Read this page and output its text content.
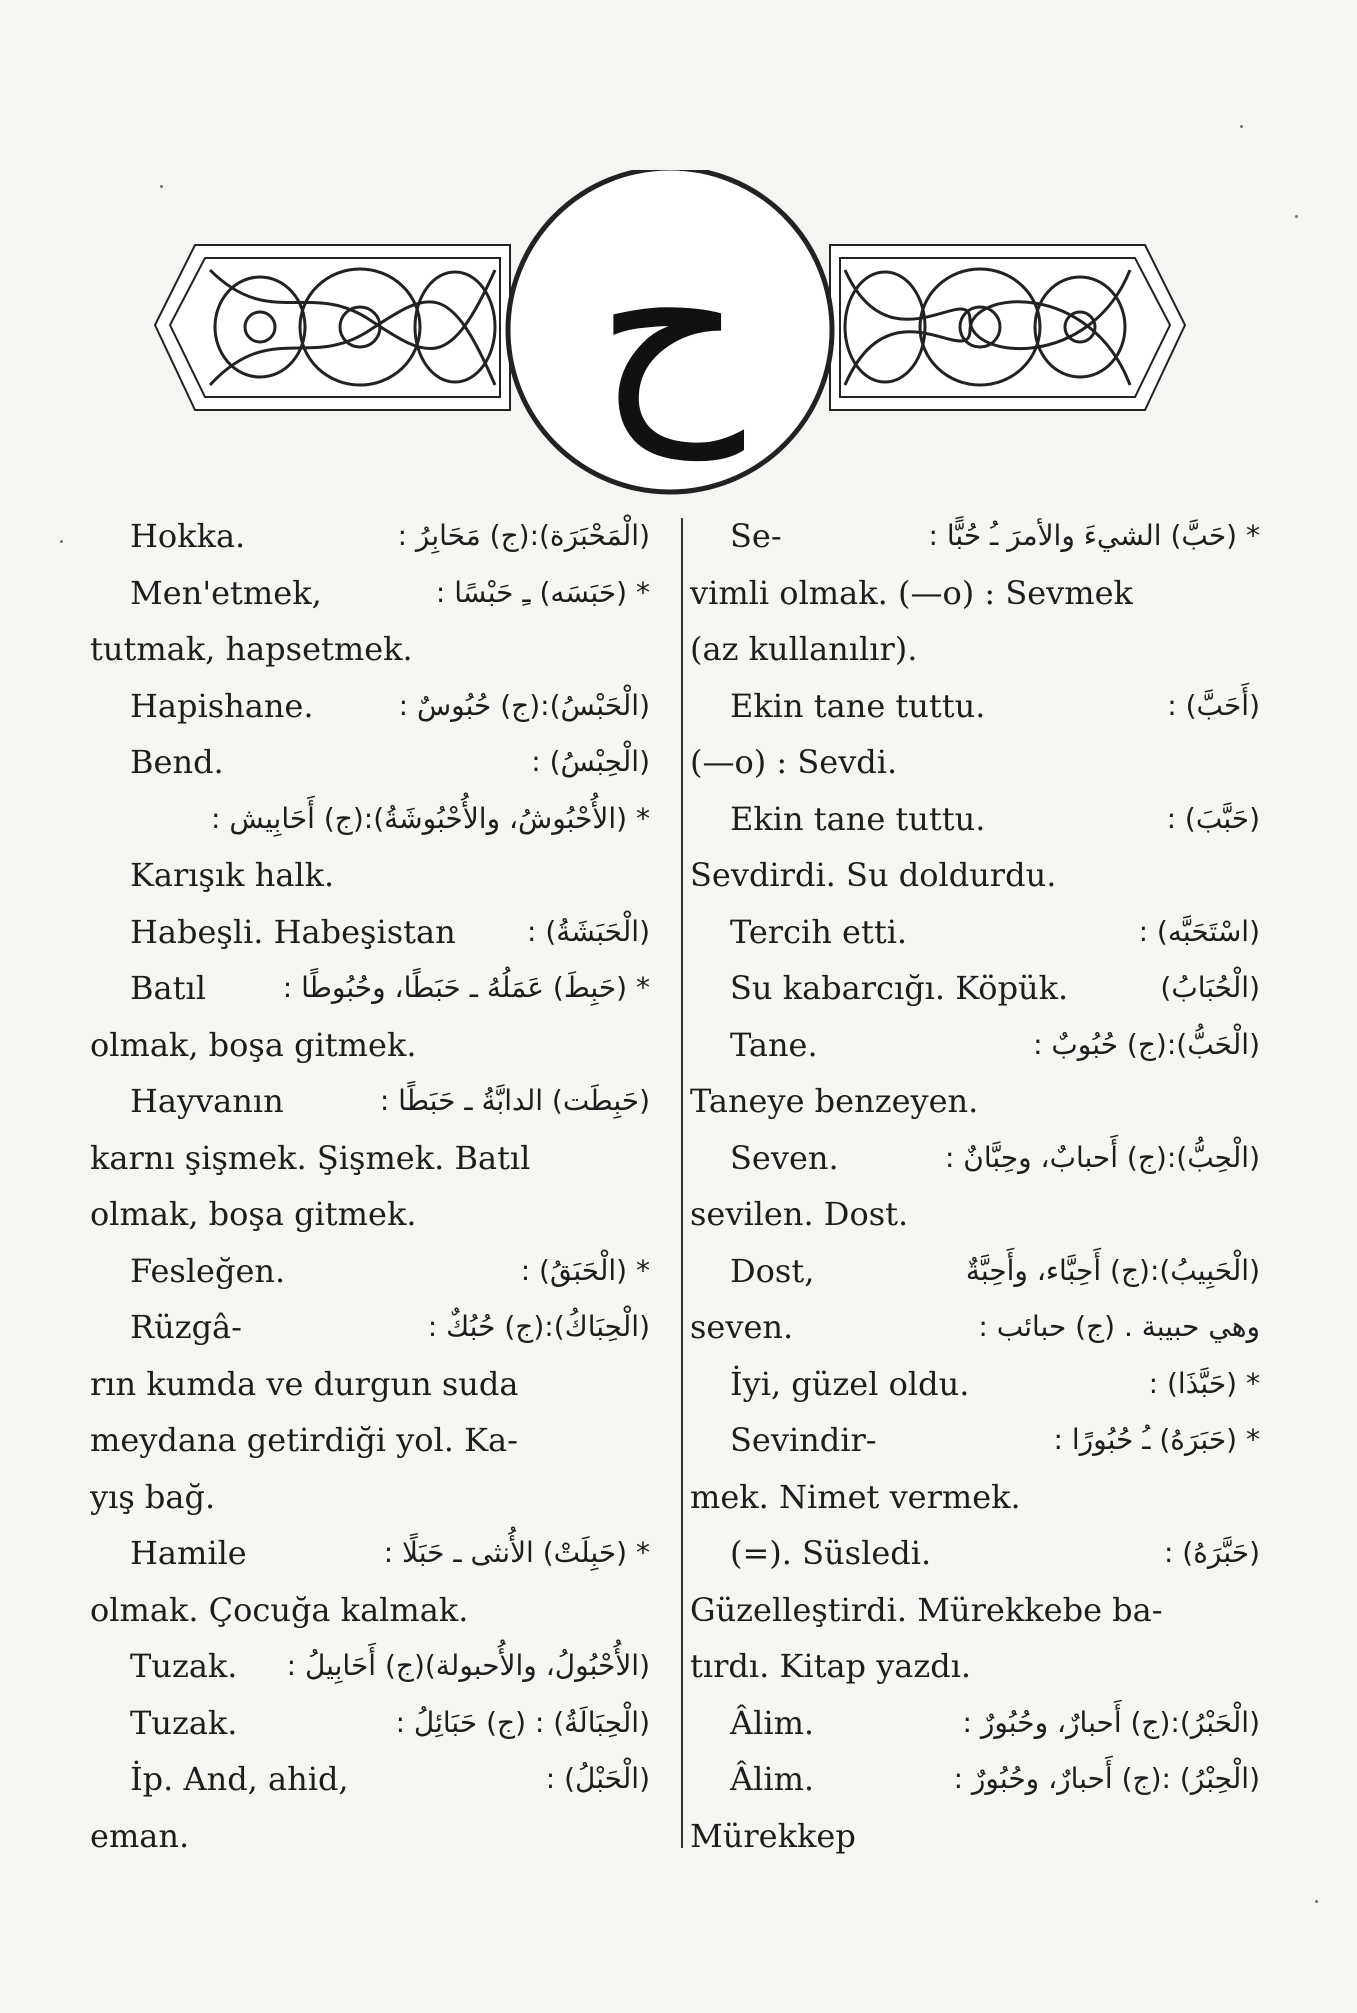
ح
Hokka.	(الْمَحْبَرَة):(ج) مَحَابِرُ :
Men'etmek,	* (حَبَسَه) ـِ حَبْسًا :
tutmak, hapsetmek.
Hapishane.	(الْحَبْسُ):(ج) حُبُوسٌ :
Bend.	(الْحِبْسُ) :
* (الأُحْبُوشُ، والأُحْبُوشَةُ):(ج) أَحَابِيش :
Karışık halk.
Habeşli. Habeşistan	(الْحَبَشَةُ) :
Batıl	* (حَبِطَ) عَمَلُهُ ـ حَبَطًا، وحُبُوطًا :
olmak, boşa gitmek.
Hayvanın	(حَبِطَت) الدابَّةُ ـ حَبَطًا :
karnı şişmek. Şişmek. Batıl
olmak, boşa gitmek.
Fesleğen.	* (الْحَبَقُ) :
Rüzgâ-	(الْحِبَاكُ):(ج) حُبُكٌ :
rın kumda ve durgun suda
meydana getirdiği yol. Ka-
yış bağ.
Hamile	* (حَبِلَتْ) الأُنثى ـ حَبَلًا :
olmak. Çocuğa kalmak.
Tuzak. (الأُحْبُولُ، والأُحبولة)(ج) أَحَابِيلُ :
Tuzak.	(الْحِبَالَةُ) : (ج) حَبَائِلُ :
İp. And, ahid,	(الْحَبْلُ) :
eman.
Se-	* (حَبَّ) الشيءَ والأمرَ ـُ حُبًّا :
vimli olmak. (—o) : Sevmek
(az kullanılır).
Ekin tane tuttu.	(أَحَبَّ) :
(—o) : Sevdi.
Ekin tane tuttu.	(حَبَّبَ) :
Sevdirdi. Su doldurdu.
Tercih etti.	(اسْتَحَبَّه) :
Su kabarcığı. Köpük.	(الْحُبَابُ)
Tane.	(الْحَبُّ):(ج) حُبُوبٌ :
Taneye benzeyen.
Seven.	(الْحِبُّ):(ج) أَحبابٌ، وحِبَّانٌ :
sevilen. Dost.
Dost,	(الْحَبِيبُ):(ج) أَحِبَّاء، وأَحِبَّةٌ
seven.	وهي حبيبة . (ج) حبائب :
İyi, güzel oldu.	* (حَبَّذَا) :
Sevindir-	* (حَبَرَهُ) ـُ حُبُورًا :
mek. Nimet vermek.
(=). Süsledi.	(حَبَّرَهُ) :
Güzelleştirdi. Mürekkebe ba-
tırdı. Kitap yazdı.
Âlim.	(الْحَبْرُ):(ج) أَحبارٌ، وحُبُورٌ :
Âlim.	(الْحِبْرُ) :(ج) أَحبارٌ، وحُبُورٌ :
Mürekkep
